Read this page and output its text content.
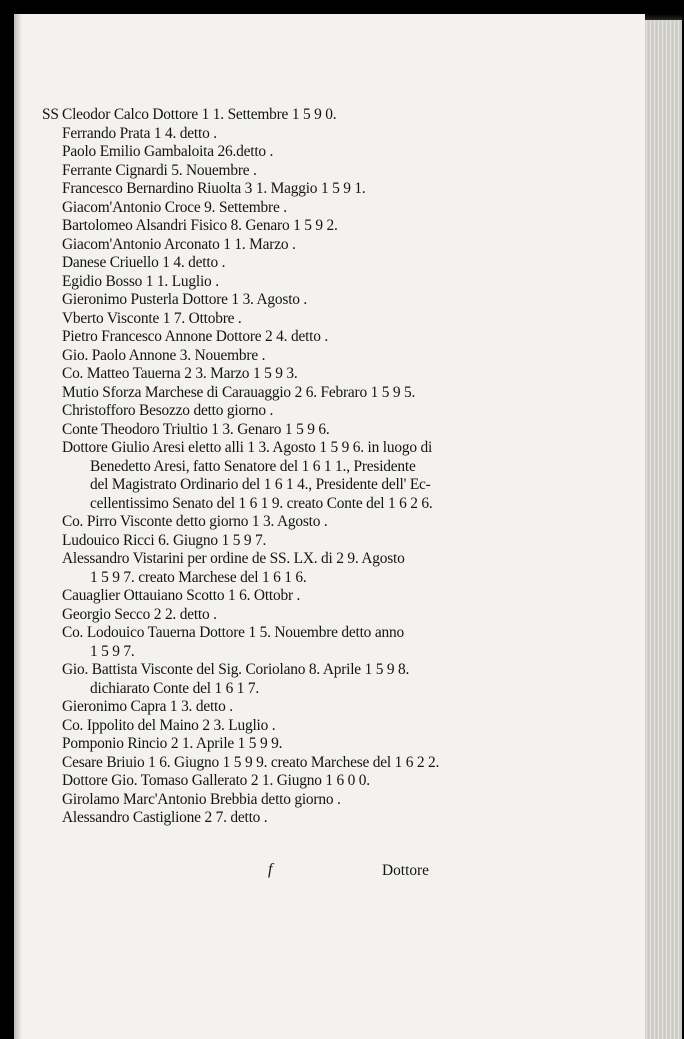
SS Cleodor Calco Dottore 1 1. Settembre 1 5 9 0.
Ferrando Prata 1 4. detto .
Paolo Emilio Gambaloita 26.detto .
Ferrante Cignardi 5. Nouembre .
Francesco Bernardino Riuolta 3 1. Maggio 1 5 9 1.
Giacom'Antonio Croce 9. Settembre .
Bartolomeo Alsandri Fisico 8. Genaro 1 5 9 2.
Giacom'Antonio Arconato 1 1. Marzo .
Danese Criuello 1 4. detto .
Egidio Bosso 1 1. Luglio .
Gieronimo Pusterla Dottore 1 3. Agosto .
Vberto Visconte 1 7. Ottobre .
Pietro Francesco Annone Dottore 2 4. detto .
Gio. Paolo Annone 3. Nouembre .
Co. Matteo Tauerna 2 3. Marzo 1 5 9 3.
Mutio Sforza Marchese di Carauaggio 2 6. Febraro 1 5 9 5.
Christofforo Besozzo detto giorno .
Conte Theodoro Triultio 1 3. Genaro 1 5 9 6.
Dottore Giulio Aresi eletto alli 1 3. Agosto 1 5 9 6. in luogo di
Benedetto Aresi, fatto Senatore del 1 6 1 1., Presidente
del Magistrato Ordinario del 1 6 1 4., Presidente dell' Ec-
cellentissimo Senato del 1 6 1 9. creato Conte del 1 6 2 6.
Co. Pirro Visconte detto giorno 1 3. Agosto .
Ludouico Ricci 6. Giugno 1 5 9 7.
Alessandro Vistarini per ordine de SS. LX. di 2 9. Agosto
1 5 9 7. creato Marchese del 1 6 1 6.
Cauaglier Ottauiano Scotto 1 6. Ottobr .
Georgio Secco 2 2. detto .
Co. Lodouico Tauerna Dottore 1 5. Nouembre detto anno
1 5 9 7.
Gio. Battista Visconte del Sig. Coriolano 8. Aprile 1 5 9 8.
dichiarato Conte del 1 6 1 7.
Gieronimo Capra 1 3. detto .
Co. Ippolito del Maino 2 3. Luglio .
Pomponio Rincio 2 1. Aprile 1 5 9 9.
Cesare Briuio 1 6. Giugno 1 5 9 9. creato Marchese del 1 6 2 2.
Dottore Gio. Tomaso Gallerato 2 1. Giugno 1 6 0 0.
Girolamo Marc'Antonio Brebbia detto giorno .
Alessandro Castiglione 2 7. detto .
f	Dottore
